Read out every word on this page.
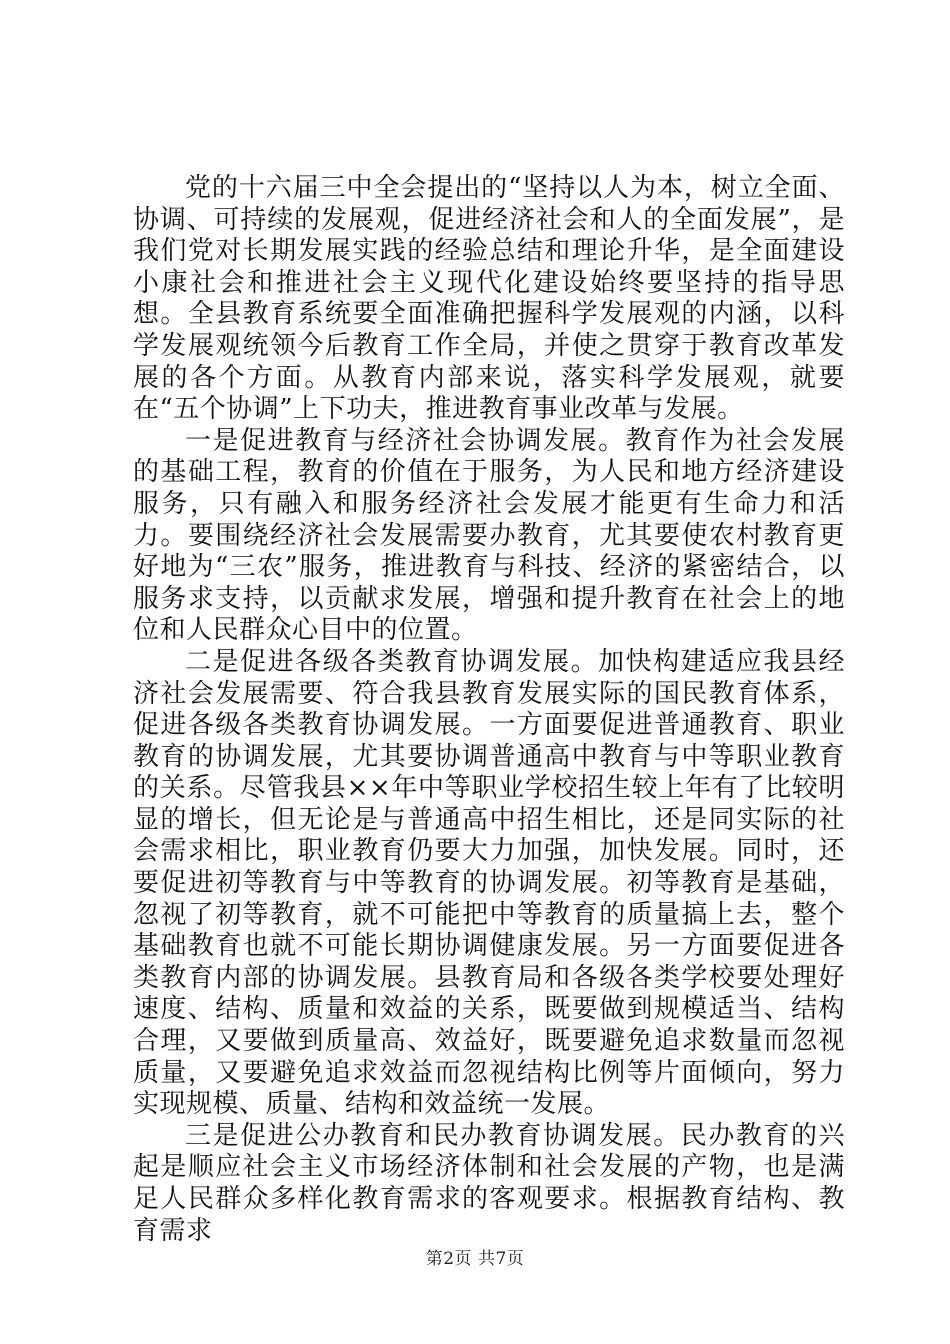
党的十六届三中全会提出的“坚持以人为本，树立全面、协调、可持续的发展观，促进经济社会和人的全面发展”，是我们党对长期发展实践的经验总结和理论升华，是全面建设小康社会和推进社会主义现代化建设始终要坚持的指导思想。全县教育系统要全面准确把握科学发展观的内涵，以科学发展观统领今后教育工作全局，并使之贯穿于教育改革发展的各个方面。从教育内部来说，落实科学发展观，就要在“五个协调”上下功夫，推进教育事业改革与发展。

一是促进教育与经济社会协调发展。教育作为社会发展的基础工程，教育的价值在于服务，为人民和地方经济建设服务，只有融入和服务经济社会发展才能更有生命力和活力。要围绕经济社会发展需要办教育，尤其要使农村教育更好地为“三农”服务，推进教育与科技、经济的紧密结合，以服务求支持，以贡献求发展，增强和提升教育在社会上的地位和人民群众心目中的位置。

二是促进各级各类教育协调发展。加快构建适应我县经济社会发展需要、符合我县教育发展实际的国民教育体系，促进各级各类教育协调发展。一方面要促进普通教育、职业教育的协调发展，尤其要协调普通高中教育与中等职业教育的关系。尽管我县××年中等职业学校招生较上年有了比较明显的增长，但无论是与普通高中招生相比，还是同实际的社会需求相比，职业教育仍要大力加强，加快发展。同时，还要促进初等教育与中等教育的协调发展。初等教育是基础，忽视了初等教育，就不可能把中等教育的质量搞上去，整个基础教育也就不可能长期协调健康发展。另一方面要促进各类教育内部的协调发展。县教育局和各级各类学校要处理好速度、结构、质量和效益的关系，既要做到规模适当、结构合理，又要做到质量高、效益好，既要避免追求数量而忽视质量，又要避免追求效益而忽视结构比例等片面倾向，努力实现规模、质量、结构和效益统一发展。

三是促进公办教育和民办教育协调发展。民办教育的兴起是顺应社会主义市场经济体制和社会发展的产物，也是满足人民群众多样化教育需求的客观要求。根据教育结构、教育需求

第2页 共7页
